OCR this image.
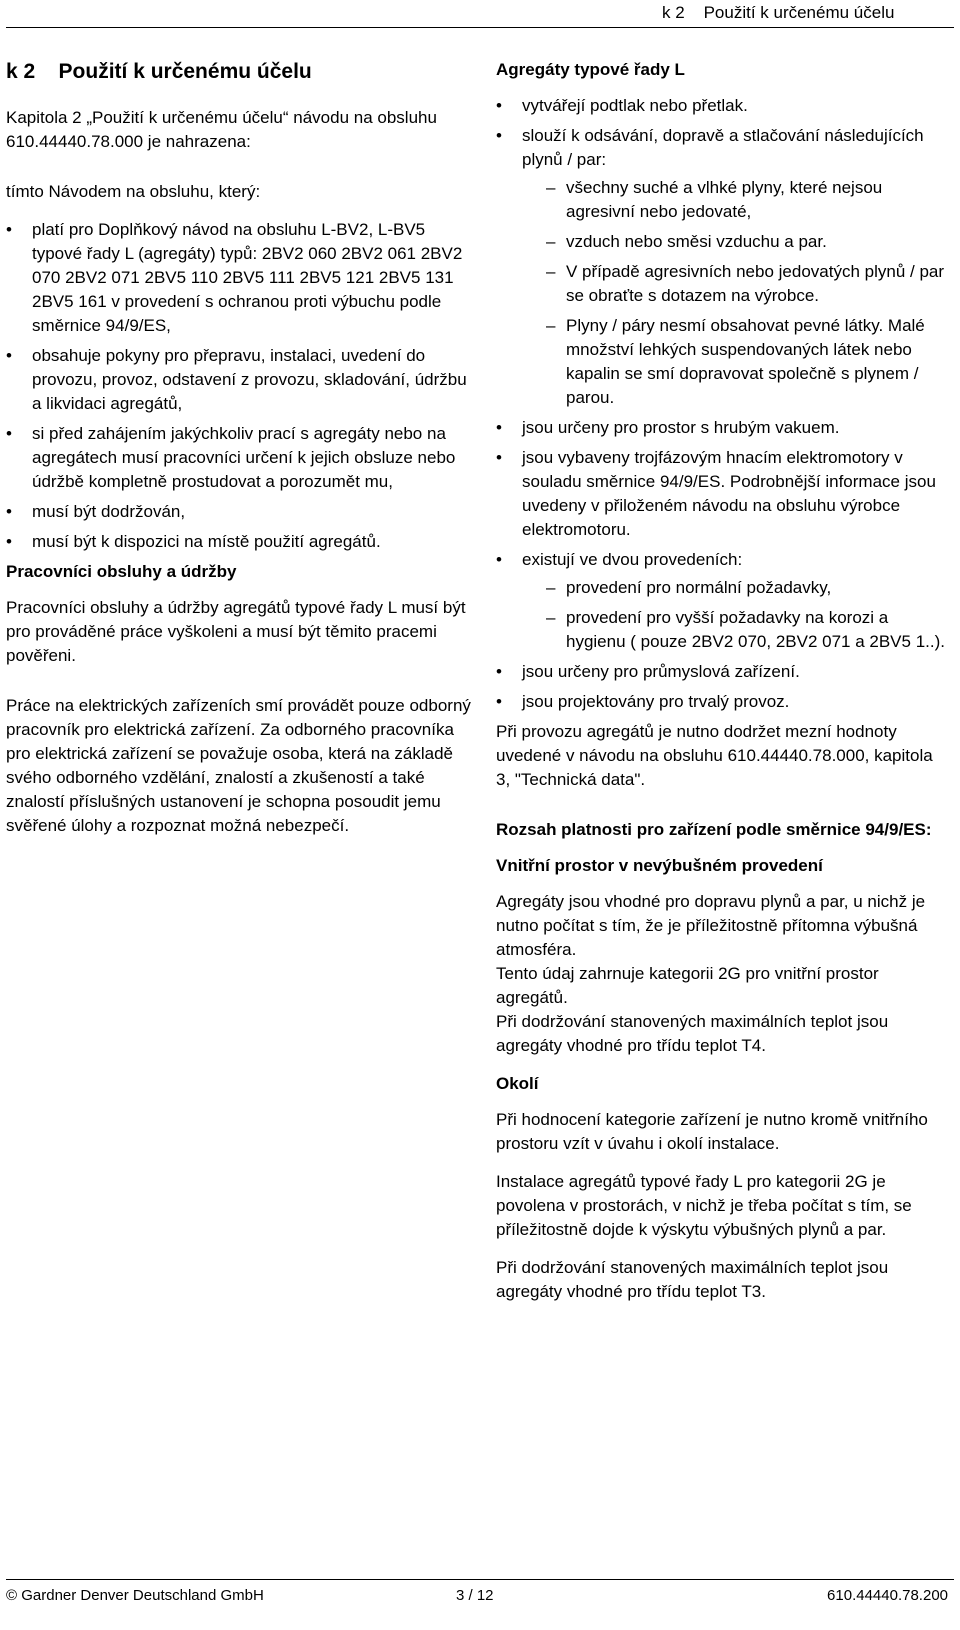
k 2    Použití k určenému účelu
k 2    Použití k určenému účelu

Kapitola 2 „Použití k určenému účelu“ návodu na obsluhu 610.44440.78.000 je nahrazena:

tímto Návodem na obsluhu, který:

• platí pro Doplňkový návod na obsluhu L-BV2, L-BV5 typové řady L (agregáty) typů: 2BV2 060 2BV2 061 2BV2 070 2BV2 071 2BV5 110 2BV5 111 2BV5 121 2BV5 131 2BV5 161 v provedení s ochranou proti výbuchu podle směrnice 94/9/ES,
• obsahuje pokyny pro přepravu, instalaci, uvedení do provozu, provoz, odstavení z provozu, skladování, údržbu a likvidaci agregátů,
• si před zahájením jakýchkoliv prací s agregáty nebo na agregátech musí pracovníci určení k jejich obsluze nebo údržbě kompletně prostudovat a porozumět mu,
• musí být dodržován,
• musí být k dispozici na místě použití agregátů.

Pracovníci obsluhy a údržby

Pracovníci obsluhy a údržby agregátů typové řady L musí být pro prováděné práce vyškoleni a musí být těmito pracemi pověřeni.

Práce na elektrických zařízeních smí provádět pouze odborný pracovník pro elektrická zařízení. Za odborného pracovníka pro elektrická zařízení se považuje osoba, která na základě svého odborného vzdělání, znalostí a zkušeností a také znalostí příslušných ustanovení je schopna posoudit jemu svěřené úlohy a rozpoznat možná nebezpečí.

Agregáty typové řady L

• vytvářejí podtlak nebo přetlak.
• slouží k odsávání, dopravě a stlačování následujících plynů / par:
– všechny suché a vlhké plyny, které nejsou agresivní nebo jedovaté,
– vzduch nebo směsi vzduchu a par.
– V případě agresivních nebo jedovatých plynů / par se obraťte s dotazem na výrobce.
– Plyny / páry nesmí obsahovat pevné látky. Malé množství lehkých suspendovaných látek nebo kapalin se smí dopravovat společně s plynem / parou.
• jsou určeny pro prostor s hrubým vakuem.
• jsou vybaveny trojfázovým hnacím elektromotory v souladu směrnice 94/9/ES. Podrobnější informace jsou uvedeny v přiloženém návodu na obsluhu výrobce elektromotoru.
• existují ve dvou provedeních:
– provedení pro normální požadavky,
– provedení pro vyšší požadavky na korozi a hygienu ( pouze 2BV2 070, 2BV2 071 a 2BV5 1..).
• jsou určeny pro průmyslová zařízení.
• jsou projektovány pro trvalý provoz.

Při provozu agregátů je nutno dodržet mezní hodnoty uvedené v návodu na obsluhu 610.44440.78.000, kapitola 3, "Technická data".

Rozsah platnosti pro zařízení podle směrnice 94/9/ES:

Vnitřní prostor v nevýbušném provedení

Agregáty jsou vhodné pro dopravu plynů a par, u nichž je nutno počítat s tím, že je příležitostně přítomna výbušná atmosféra.

Tento údaj zahrnuje kategorii 2G pro vnitřní prostor agregátů.

Při dodržování stanovených maximálních teplot jsou agregáty vhodné pro třídu teplot T4.

Okolí

Při hodnocení kategorie zařízení je nutno kromě vnitřního prostoru vzít v úvahu i okolí instalace.

Instalace agregátů typové řady L pro kategorii 2G je povolena v prostorách, v nichž je třeba počítat s tím, se příležitostně dojde k výskytu výbušných plynů a par.

Při dodržování stanovených maximálních teplot jsou agregáty vhodné pro třídu teplot T3.

© Gardner Denver Deutschland GmbH	3 / 12	610.44440.78.200
